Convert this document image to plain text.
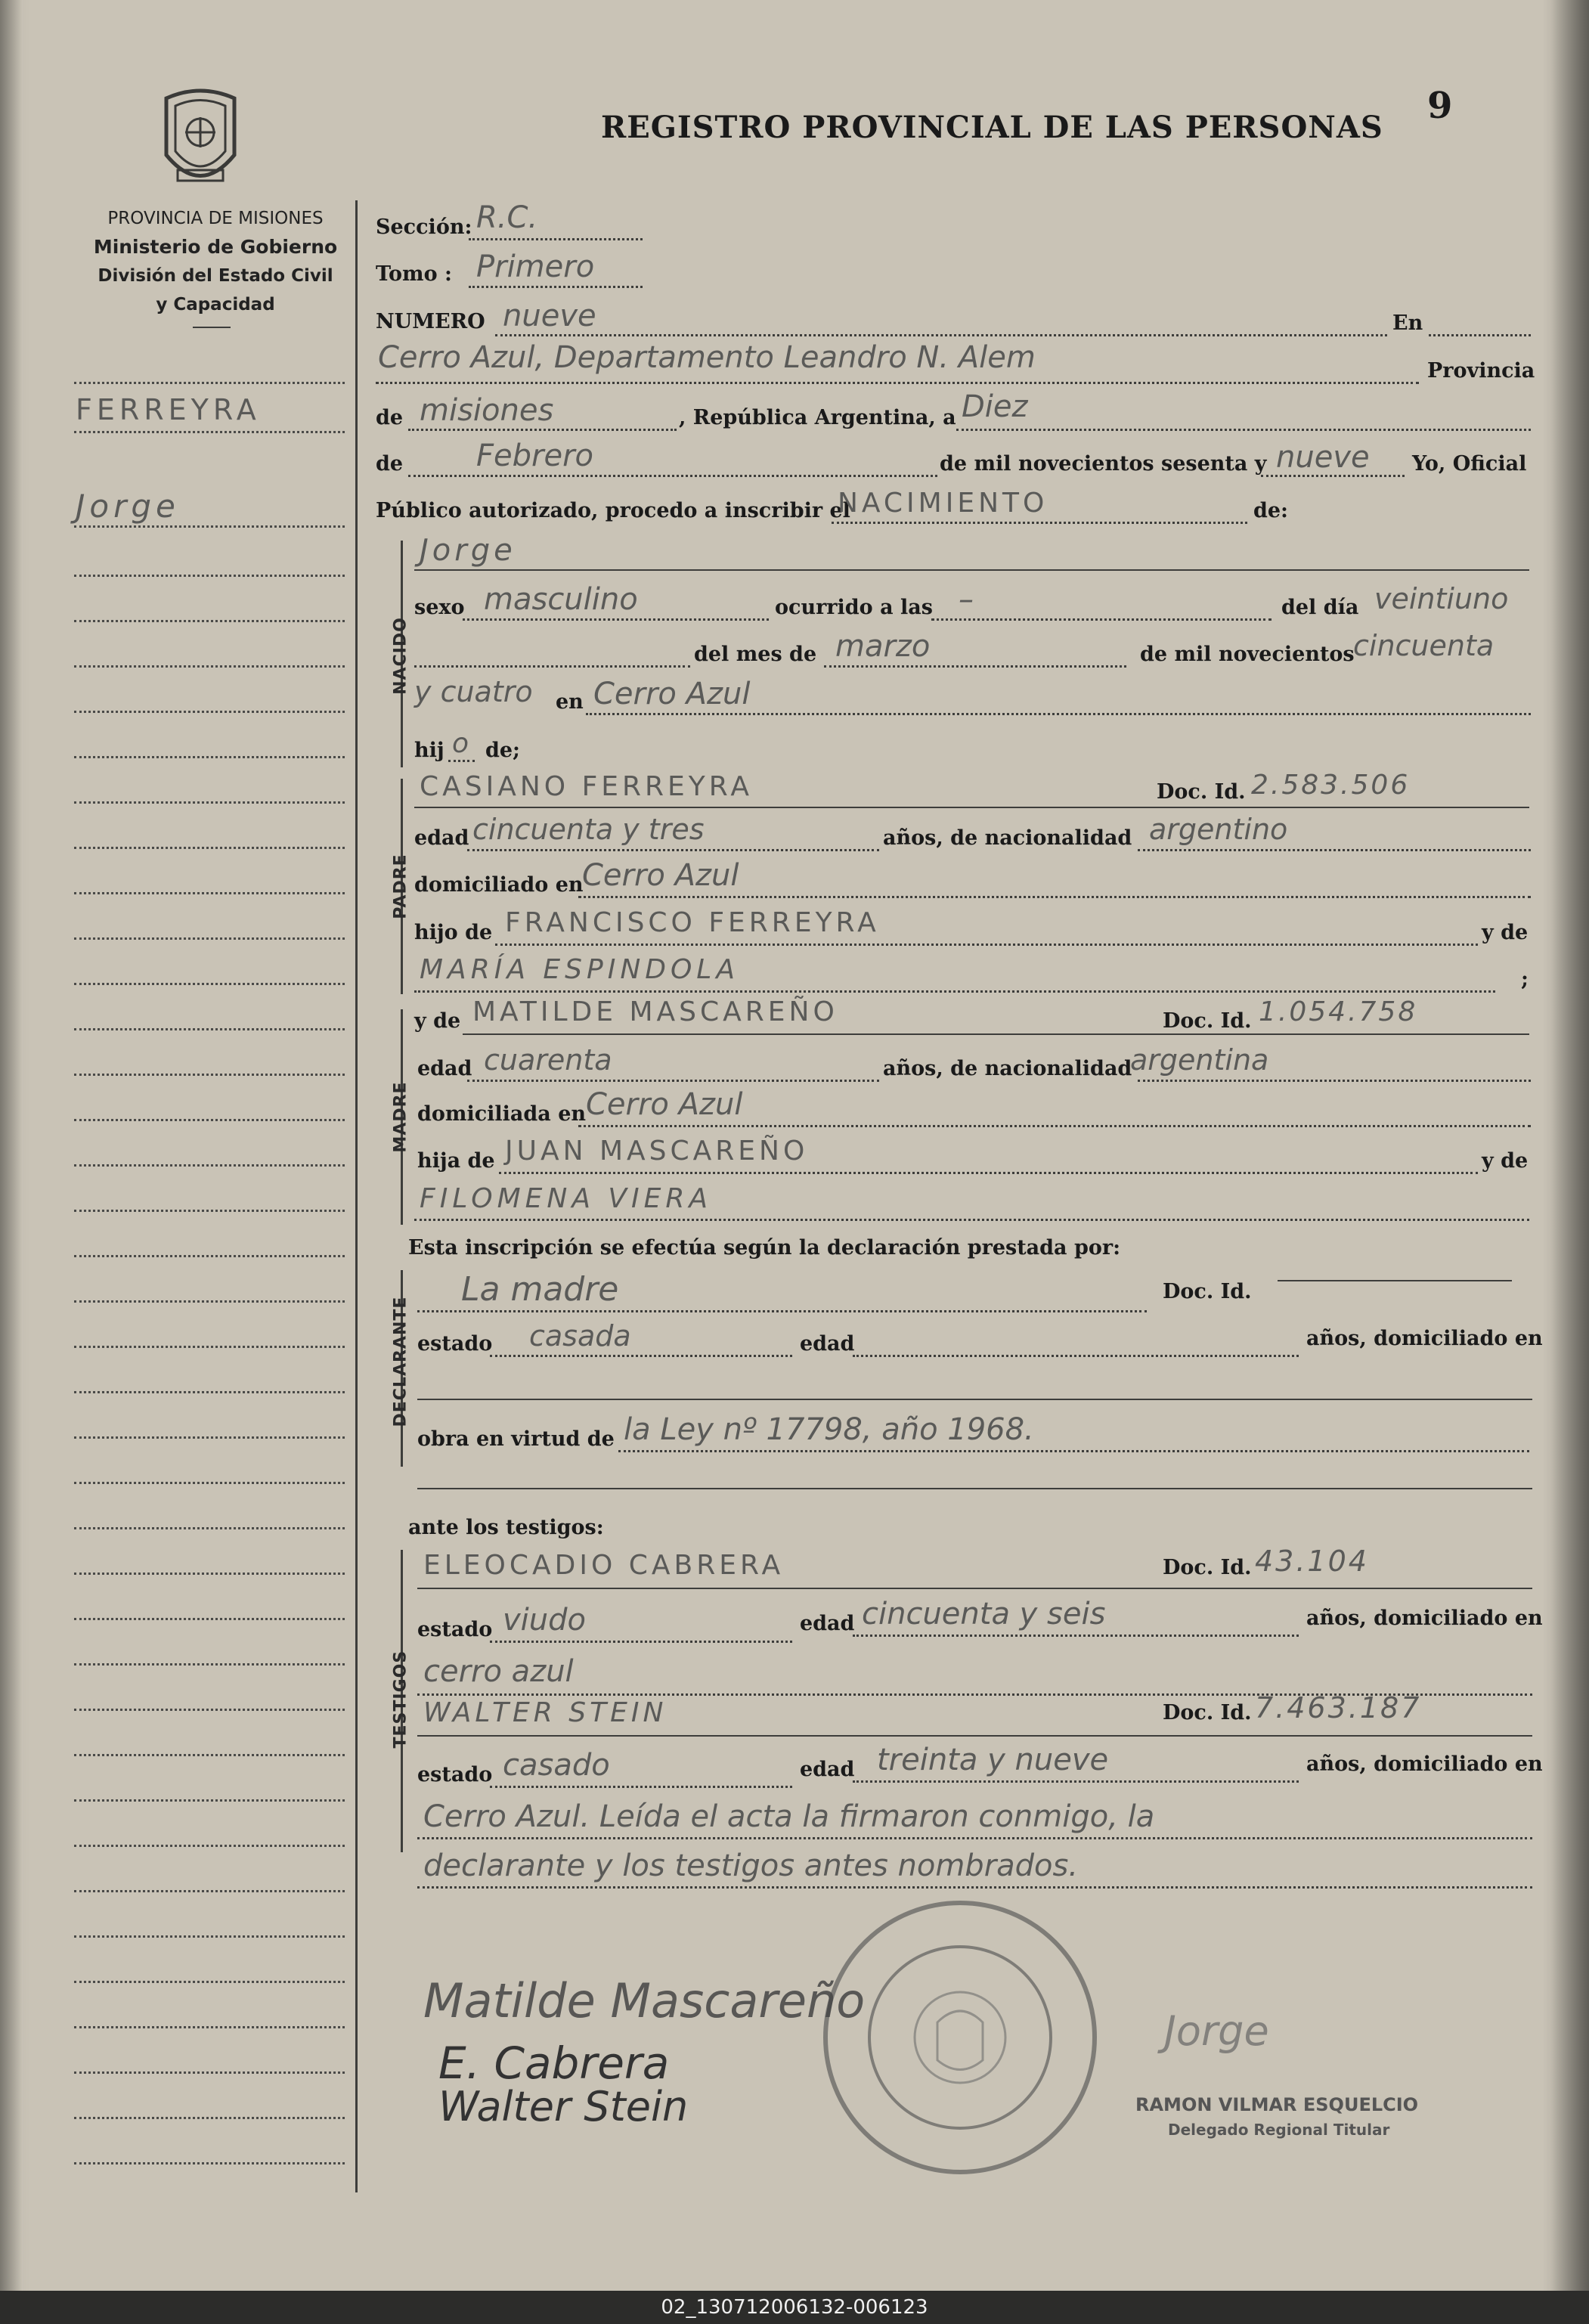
PROVINCIA DE MISIONES
Ministerio de Gobierno
División del Estado Civil
y Capacidad
REGISTRO PROVINCIAL DE LAS PERSONAS
9
FERREYRA
Jorge
Sección: R.C.
Tomo : Primero
NUMERO nueve	En
Cerro Azul, Departamento Leandro N. Alem	Provincia
de misiones	, República Argentina, a Diez
de Febrero	de mil novecientos sesenta y nueve Yo, Oficial
Público autorizado, procedo a inscribir el
NACIMIENTO	de:
NACIDO
Jorge
sexo masculino	ocurrido a las –	del día veintiuno
del mes de marzo	de mil novecientos
cincuenta
y cuatro en Cerro Azul
hij o de;
PADRE
CASIANO FERREYRA	Doc. Id. 2.583.506
edad cincuenta y tres	años, de nacionalidad argentino
domiciliado en
Cerro Azul
hijo de FRANCISCO FERREYRA	y de
MARÍA ESPINDOLA	;
MADRE
y de MATILDE MASCAREÑO	Doc. Id. 1.054.758
edad cuarenta	años, de nacionalidad
argentina
domiciliada en Cerro Azul
hija de JUAN MASCAREÑO	y de
FILOMENA VIERA
Esta inscripción se efectúa según la declaración prestada por:
DECLARANTE
La madre	Doc. Id.
estado casada	edad	años, domiciliado en
obra en virtud de la Ley nº 17798, año 1968.
ante los testigos:
TESTIGOS
ELEOCADIO CABRERA	Doc. Id. 43.104
estado viudo	edad cincuenta y seis	años, domiciliado en
cerro azul
WALTER STEIN	Doc. Id. 7.463.187
estado casado	edad treinta y nueve	años, domiciliado en
Cerro Azul. Leída el acta la firmaron conmigo, la
declarante y los testigos antes nombrados.
Matilde Mascareño
E. Cabrera
Walter Stein
Jorge
RAMON VILMAR ESQUELCIO
Delegado Regional Titular
02_130712006132-006123
